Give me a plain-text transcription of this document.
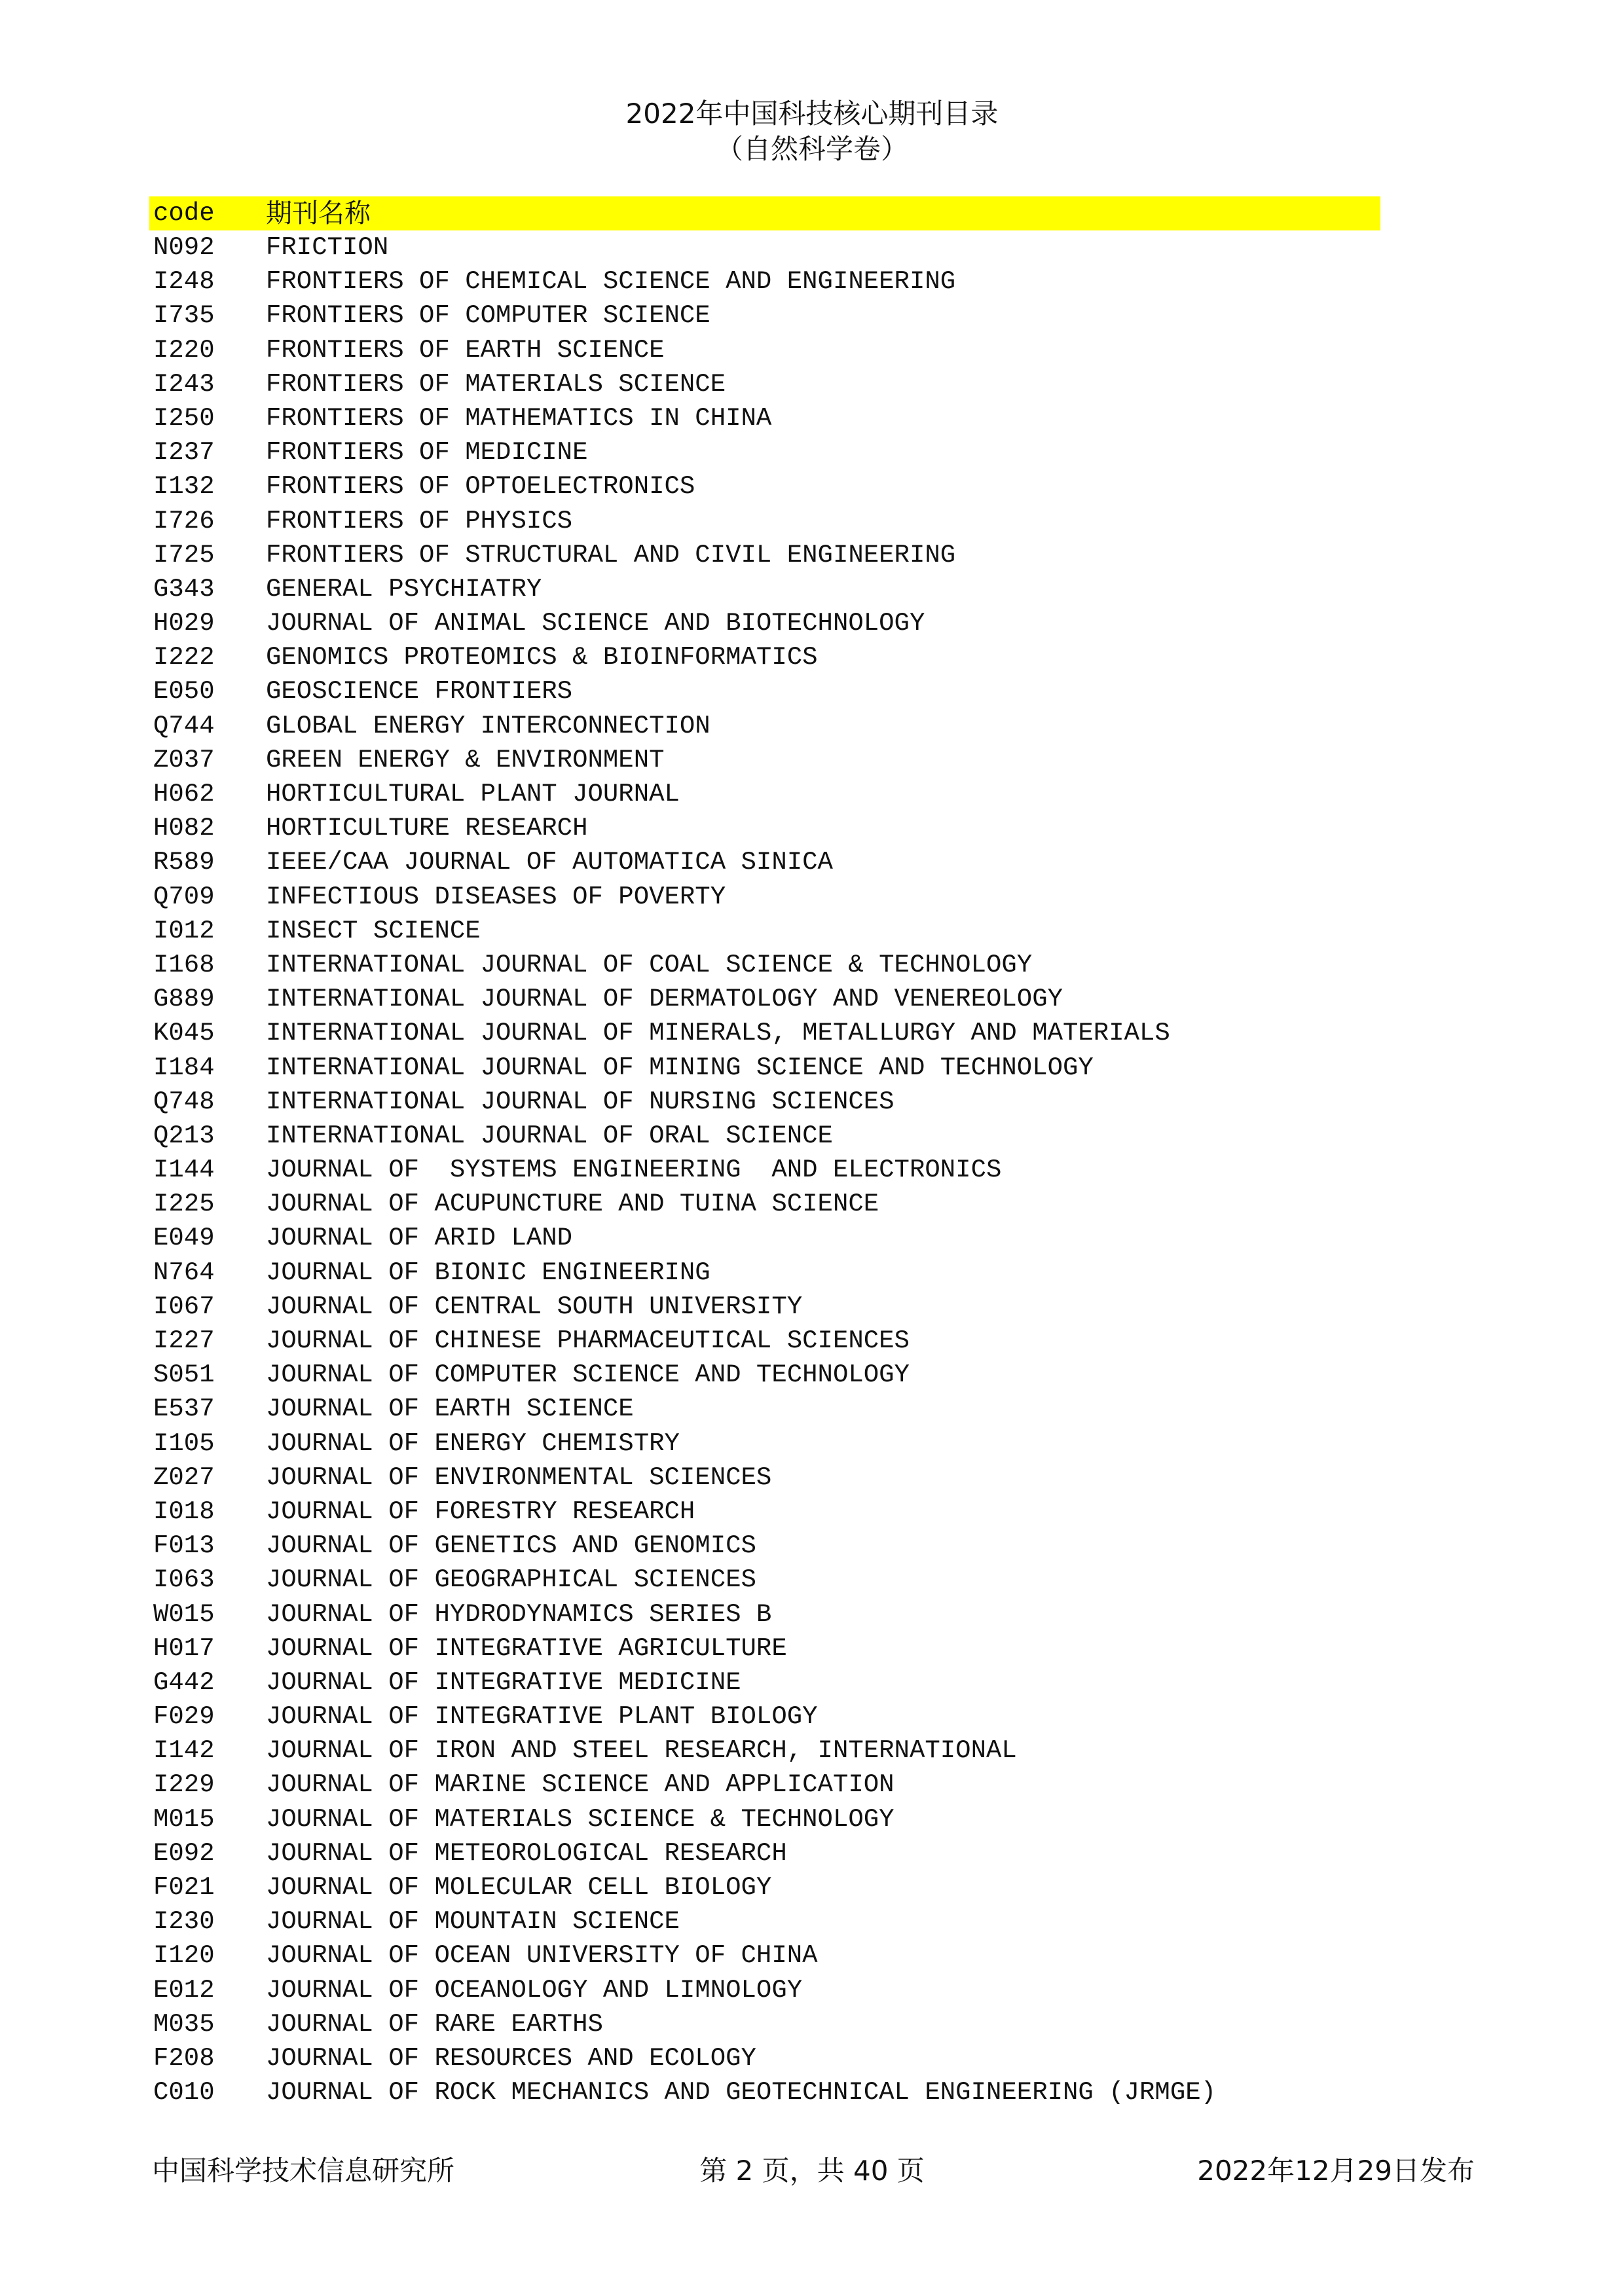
2022年中国科技核心期刊目录
（自然科学卷）
code 期刊名称
N092 FRICTION
I248 FRONTIERS OF CHEMICAL SCIENCE AND ENGINEERING
I735 FRONTIERS OF COMPUTER SCIENCE
I220 FRONTIERS OF EARTH SCIENCE
I243 FRONTIERS OF MATERIALS SCIENCE
I250 FRONTIERS OF MATHEMATICS IN CHINA
I237 FRONTIERS OF MEDICINE
I132 FRONTIERS OF OPTOELECTRONICS
I726 FRONTIERS OF PHYSICS
I725 FRONTIERS OF STRUCTURAL AND CIVIL ENGINEERING
G343 GENERAL PSYCHIATRY
H029 JOURNAL OF ANIMAL SCIENCE AND BIOTECHNOLOGY
I222 GENOMICS PROTEOMICS & BIOINFORMATICS
E050 GEOSCIENCE FRONTIERS
Q744 GLOBAL ENERGY INTERCONNECTION
Z037 GREEN ENERGY & ENVIRONMENT
H062 HORTICULTURAL PLANT JOURNAL
H082 HORTICULTURE RESEARCH
R589 IEEE/CAA JOURNAL OF AUTOMATICA SINICA
Q709 INFECTIOUS DISEASES OF POVERTY
I012 INSECT SCIENCE
I168 INTERNATIONAL JOURNAL OF COAL SCIENCE & TECHNOLOGY
G889 INTERNATIONAL JOURNAL OF DERMATOLOGY AND VENEREOLOGY
K045 INTERNATIONAL JOURNAL OF MINERALS, METALLURGY AND MATERIALS
I184 INTERNATIONAL JOURNAL OF MINING SCIENCE AND TECHNOLOGY
Q748 INTERNATIONAL JOURNAL OF NURSING SCIENCES
Q213 INTERNATIONAL JOURNAL OF ORAL SCIENCE
I144 JOURNAL OF  SYSTEMS ENGINEERING  AND ELECTRONICS
I225 JOURNAL OF ACUPUNCTURE AND TUINA SCIENCE
E049 JOURNAL OF ARID LAND
N764 JOURNAL OF BIONIC ENGINEERING
I067 JOURNAL OF CENTRAL SOUTH UNIVERSITY
I227 JOURNAL OF CHINESE PHARMACEUTICAL SCIENCES
S051 JOURNAL OF COMPUTER SCIENCE AND TECHNOLOGY
E537 JOURNAL OF EARTH SCIENCE
I105 JOURNAL OF ENERGY CHEMISTRY
Z027 JOURNAL OF ENVIRONMENTAL SCIENCES
I018 JOURNAL OF FORESTRY RESEARCH
F013 JOURNAL OF GENETICS AND GENOMICS
I063 JOURNAL OF GEOGRAPHICAL SCIENCES
W015 JOURNAL OF HYDRODYNAMICS SERIES B
H017 JOURNAL OF INTEGRATIVE AGRICULTURE
G442 JOURNAL OF INTEGRATIVE MEDICINE
F029 JOURNAL OF INTEGRATIVE PLANT BIOLOGY
I142 JOURNAL OF IRON AND STEEL RESEARCH, INTERNATIONAL
I229 JOURNAL OF MARINE SCIENCE AND APPLICATION
M015 JOURNAL OF MATERIALS SCIENCE & TECHNOLOGY
E092 JOURNAL OF METEOROLOGICAL RESEARCH
F021 JOURNAL OF MOLECULAR CELL BIOLOGY
I230 JOURNAL OF MOUNTAIN SCIENCE
I120 JOURNAL OF OCEAN UNIVERSITY OF CHINA
E012 JOURNAL OF OCEANOLOGY AND LIMNOLOGY
M035 JOURNAL OF RARE EARTHS
F208 JOURNAL OF RESOURCES AND ECOLOGY
C010 JOURNAL OF ROCK MECHANICS AND GEOTECHNICAL ENGINEERING (JRMGE)
中国科学技术信息研究所	第 2 页，共 40 页	2022年12月29日发布
